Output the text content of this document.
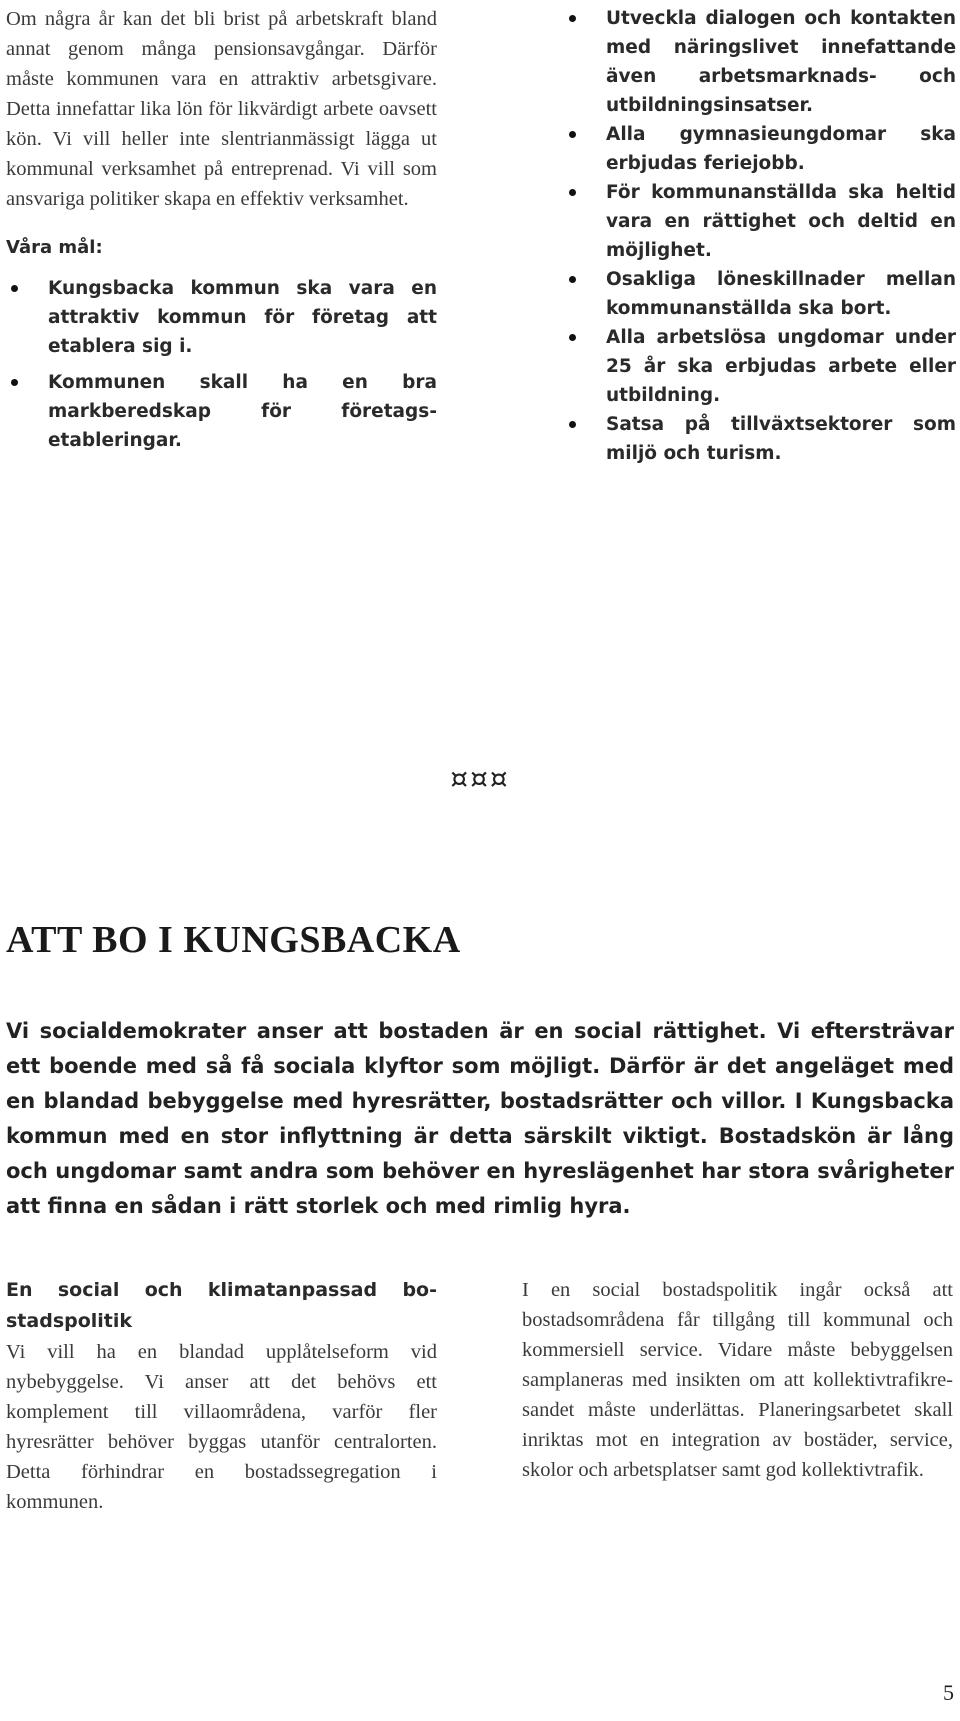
Om några år kan det bli brist på arbetskraft bland annat genom många pensionsavgångar. Därför måste kommunen vara en attraktiv arbetsgivare. Detta innefattar lika lön för likvärdigt arbete oavsett kön. Vi vill heller inte slentrianmässigt lägga ut kommunal verksamhet på entreprenad. Vi vill som ansvariga politiker skapa en effektiv verksamhet.

Våra mål:

Kungsbacka kommun ska vara en attraktiv kommun för företag att etablera sig i.
Kommunen skall ha en bra markberedskap för företagsetableringar.
Utveckla dialogen och kontakten med näringslivet innefattande även arbetsmarknads- och utbildningsinsatser.
Alla gymnasieungdomar ska erbjudas feriejobb.
För kommunanställda ska heltid vara en rättighet och deltid en möjlighet.
Osakliga löneskillnader mellan kommunanställda ska bort.
Alla arbetslösa ungdomar under 25 år ska erbjudas arbete eller utbildning.
Satsa på tillväxtsektorer som miljö och turism.
¤¤¤
ATT BO I KUNGSBACKA

Vi socialdemokrater anser att bostaden är en social rättighet. Vi eftersträvar ett boende med så få sociala klyftor som möjligt. Därför är det angeläget med en blandad bebyggelse med hyresrätter, bostadsrätter och villor. I Kungsbacka kommun med en stor inflyttning är detta särskilt viktigt. Bostadskön är lång och ungdomar samt andra som behöver en hyreslägenhet har stora svårigheter att finna en sådan i rätt storlek och med rimlig hyra.

En social och klimatanpassad bostadspolitik

Vi vill ha en blandad upplåtelseform vid nybebyggelse. Vi anser att det behövs ett komplement till villaområdena, varför fler hyresrätter behöver byggas utanför centralorten. Detta förhindrar en bostadssegregation i kommunen.

I en social bostadspolitik ingår också att bostadsområdena får tillgång till kommunal och kommersiell service. Vidare måste bebyggelsen samplaneras med insikten om att kollektivtrafikresandet måste underlättas. Planeringsarbetet skall inriktas mot en integration av bostäder, service, skolor och arbetsplatser samt god kollektivtrafik.

5
